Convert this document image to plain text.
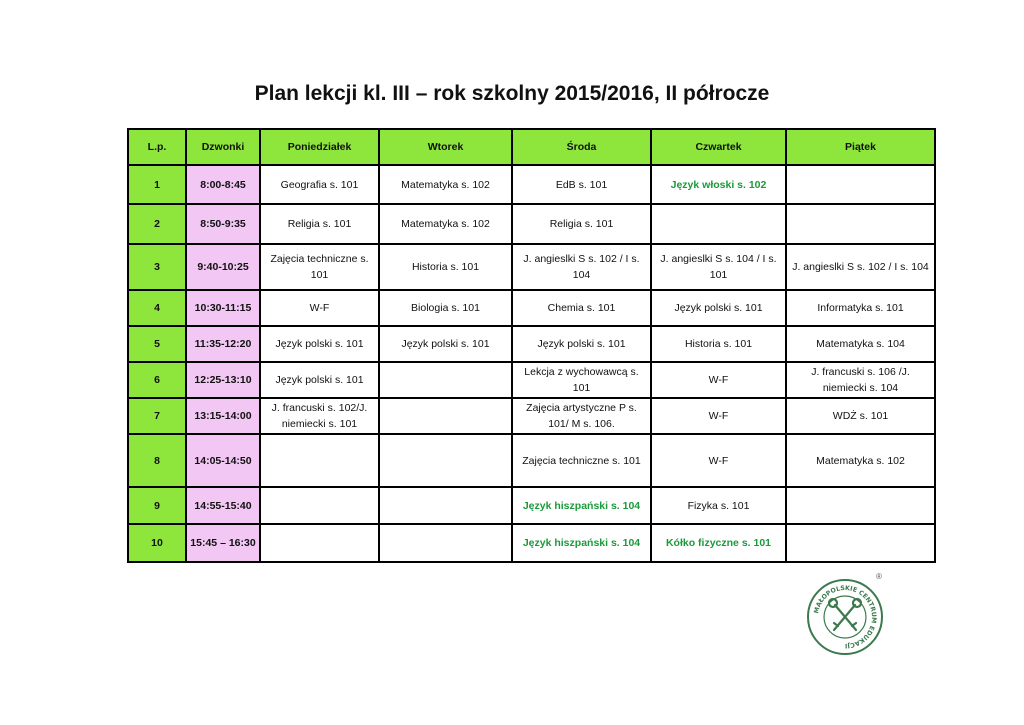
Plan lekcji kl. III – rok szkolny 2015/2016, II półrocze
L.p.	Dzwonki	Poniedziałek	Wtorek	Środa	Czwartek	Piątek
1	8:00-8:45	Geografia s. 101	Matematyka s. 102	EdB s. 101	Język włoski s. 102	
2	8:50-9:35	Religia s. 101	Matematyka s. 102	Religia s. 101		
3	9:40-10:25	Zajęcia techniczne s. 101	Historia s. 101	J. angieslki S s. 102 / I s. 104	J. angieslki S s. 104 / I s. 101	J. angieslki S s. 102 / I s. 104
4	10:30-11:15	W-F	Biologia s. 101	Chemia s. 101	Język polski s. 101	Informatyka s. 101
5	11:35-12:20	Język polski s. 101	Język polski s. 101	Język polski s. 101	Historia s. 101	Matematyka s. 104
6	12:25-13:10	Język polski s. 101		Lekcja z wychowawcą s. 101	W-F	J. francuski s. 106 /J. niemiecki s. 104
7	13:15-14:00	J. francuski s. 102/J. niemiecki s. 101		Zajęcia artystyczne P s. 101/ M s. 106.	W-F	WDŻ s. 101
8	14:05-14:50			Zajęcia techniczne s. 101	W-F	Matematyka s. 102
9	14:55-15:40			Język hiszpański s. 104	Fizyka s. 101	
10	15:45 – 16:30			Język hiszpański s. 104	Kółko fizyczne s. 101	
MAŁOPOLSKIE CENTRUM EDUKACJI
®
